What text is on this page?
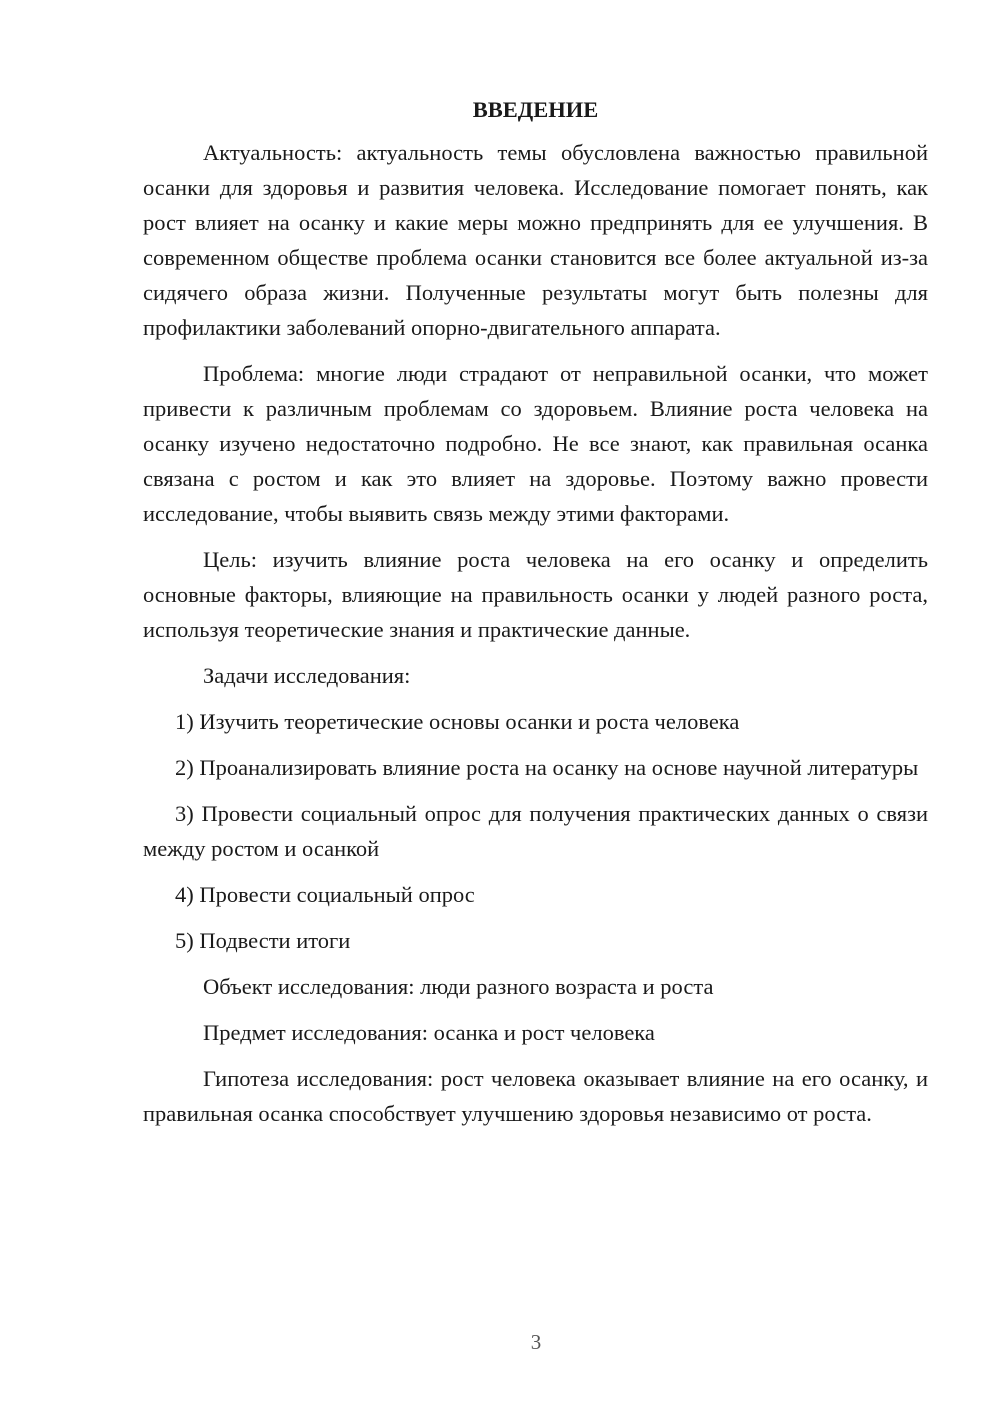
ВВЕДЕНИЕ

Актуальность: актуальность темы обусловлена важностью правильной осанки для здоровья и развития человека. Исследование помогает понять, как рост влияет на осанку и какие меры можно предпринять для ее улучшения. В современном обществе проблема осанки становится все более актуальной из-за сидячего образа жизни. Полученные результаты могут быть полезны для профилактики заболеваний опорно-двигательного аппарата.

Проблема: многие люди страдают от неправильной осанки, что может привести к различным проблемам со здоровьем. Влияние роста человека на осанку изучено недостаточно подробно. Не все знают, как правильная осанка связана с ростом и как это влияет на здоровье. Поэтому важно провести исследование, чтобы выявить связь между этими факторами.

Цель: изучить влияние роста человека на его осанку и определить основные факторы, влияющие на правильность осанки у людей разного роста, используя теоретические знания и практические данные.

Задачи исследования:

1) Изучить теоретические основы осанки и роста человека

2) Проанализировать влияние роста на осанку на основе научной литературы

3) Провести социальный опрос для получения практических данных о связи между ростом и осанкой

4) Провести социальный опрос

5) Подвести итоги

Объект исследования: люди разного возраста и роста

Предмет исследования: осанка и рост человека

Гипотеза исследования: рост человека оказывает влияние на его осанку, и правильная осанка способствует улучшению здоровья независимо от роста.

3
